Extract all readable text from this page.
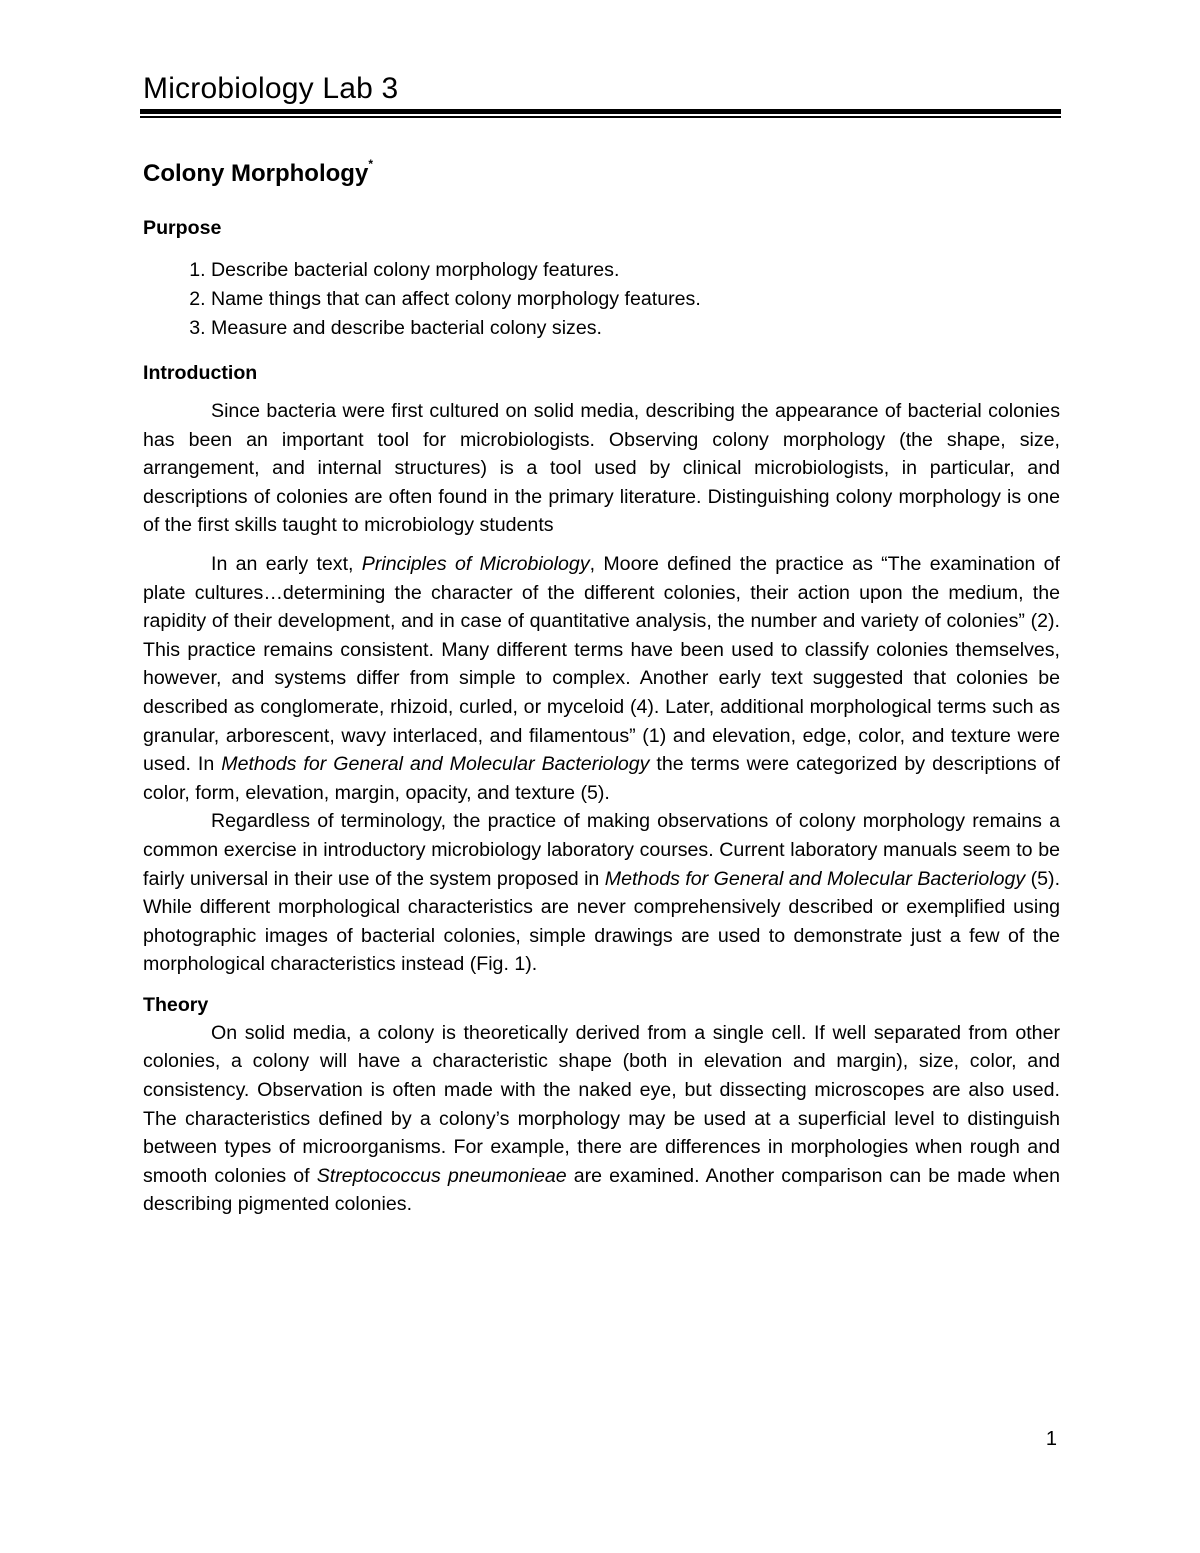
Microbiology Lab 3
Colony Morphology*
Purpose
1. Describe bacterial colony morphology features.
2. Name things that can affect colony morphology features.
3. Measure and describe bacterial colony sizes.
Introduction

Since bacteria were first cultured on solid media, describing the appearance of bacterial colonies has been an important tool for microbiologists. Observing colony morphology (the shape, size, arrangement, and internal structures) is a tool used by clinical microbiologists, in particular, and descriptions of colonies are often found in the primary literature. Distinguishing colony morphology is one of the first skills taught to microbiology students

In an early text, Principles of Microbiology, Moore defined the practice as “The examination of plate cultures…determining the character of the different colonies, their action upon the medium, the rapidity of their development, and in case of quantitative analysis, the number and variety of colonies” (2). This practice remains consistent. Many different terms have been used to classify colonies themselves, however, and systems differ from simple to complex. Another early text suggested that colonies be described as conglomerate, rhizoid, curled, or myceloid (4). Later, additional morphological terms such as granular, arborescent, wavy interlaced, and filamentous” (1) and elevation, edge, color, and texture were used. In Methods for General and Molecular Bacteriology the terms were categorized by descriptions of color, form, elevation, margin, opacity, and texture (5).

Regardless of terminology, the practice of making observations of colony morphology remains a common exercise in introductory microbiology laboratory courses. Current laboratory manuals seem to be fairly universal in their use of the system proposed in Methods for General and Molecular Bacteriology (5). While different morphological characteristics are never comprehensively described or exemplified using photographic images of bacterial colonies, simple drawings are used to demonstrate just a few of the morphological characteristics instead (Fig. 1).

Theory

On solid media, a colony is theoretically derived from a single cell. If well separated from other colonies, a colony will have a characteristic shape (both in elevation and margin), size, color, and consistency. Observation is often made with the naked eye, but dissecting microscopes are also used. The characteristics defined by a colony’s morphology may be used at a superficial level to distinguish between types of microorganisms. For example, there are differences in morphologies when rough and smooth colonies of Streptococcus pneumonieae are examined. Another comparison can be made when describing pigmented colonies.

1
